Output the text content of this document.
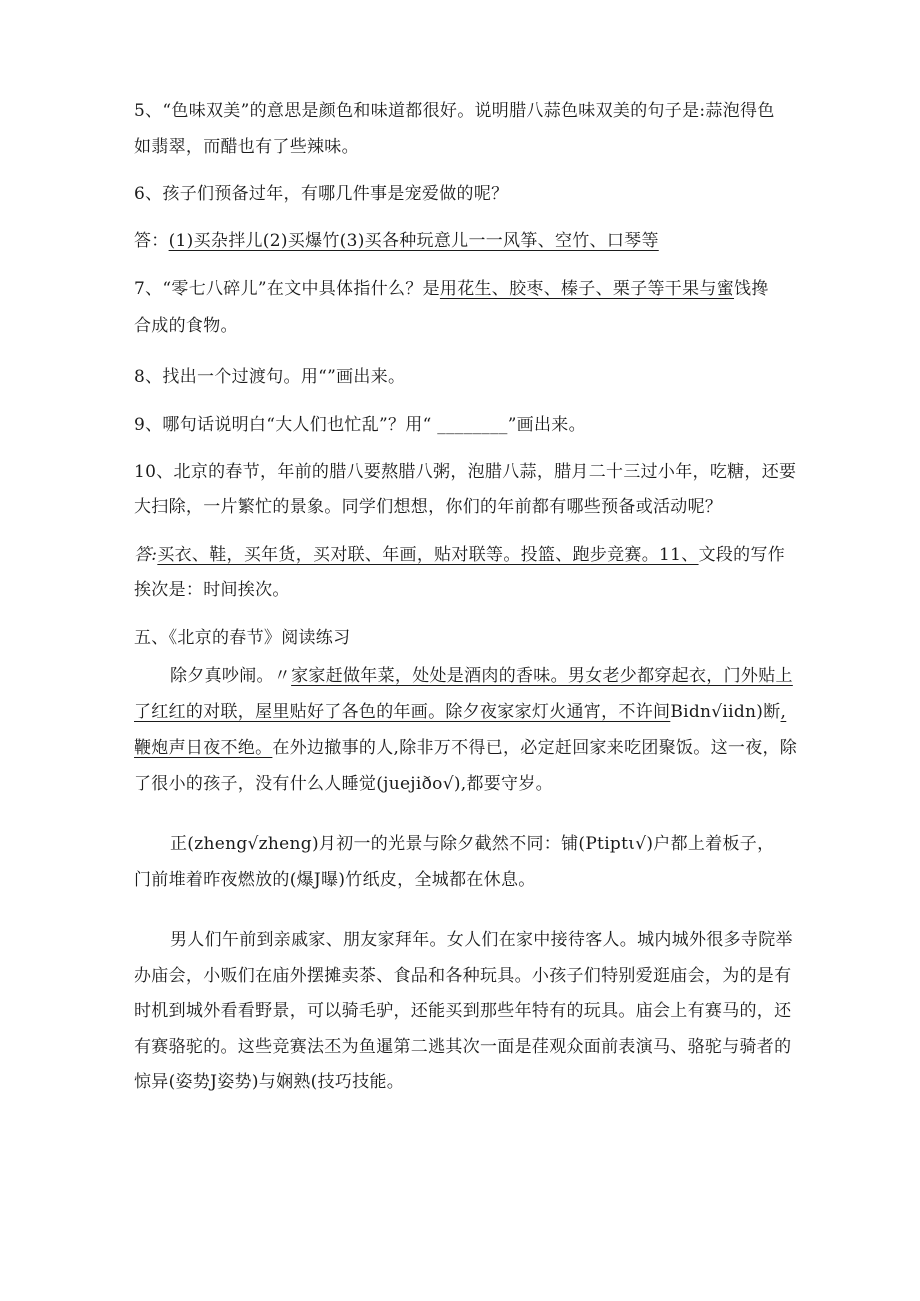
5、“色味双美”的意思是颜色和味道都很好。说明腊八蒜色味双美的句子是:蒜泡得色
如翡翠，而醋也有了些辣味。
6、孩子们预备过年，有哪几件事是宠爱做的呢？
答：(1)买杂拌儿(2)买爆竹(3)买各种玩意儿一一风筝、空竹、口琴等
7、“零七八碎儿”在文中具体指什么？是用花生、胶枣、榛子、栗子等干果与蜜饯搀
合成的食物。
8、找出一个过渡句。用“”画出来。
9、哪句话说明白“大人们也忙乱”？用“ ________”画出来。
10、北京的春节，年前的腊八要熬腊八粥，泡腊八蒜，腊月二十三过小年，吃糖，还要
大扫除，一片繁忙的景象。同学们想想，你们的年前都有哪些预备或活动呢？
答:买衣、鞋，买年货，买对联、年画，贴对联等。投篮、跑步竞赛。11、文段的写作
挨次是：时间挨次。
五、《北京的春节》阅读练习
除夕真吵闹。〃家家赶做年菜，处处是酒肉的香味。男女老少都穿起衣，门外贴上
了红红的对联，屋里贴好了各色的年画。除夕夜家家灯火通宵，不许间Bidn√iidn)断,
鞭炮声日夜不绝。在外边撤事的人,除非万不得已，必定赶回家来吃团聚饭。这一夜，除
了很小的孩子，没有什么人睡觉(juejiðo√),都要守岁。
正(zheng√zheng)月初一的光景与除夕截然不同：铺(Ptiptι√)户都上着板子，
门前堆着昨夜燃放的(爆J曝)竹纸皮，全城都在休息。
男人们午前到亲戚家、朋友家拜年。女人们在家中接待客人。城内城外很多寺院举
办庙会，小贩们在庙外摆摊卖茶、食品和各种玩具。小孩子们特别爱逛庙会，为的是有
时机到城外看看野景，可以骑毛驴，还能买到那些年特有的玩具。庙会上有赛马的，还
有赛骆驼的。这些竞赛法丕为鱼暹第二逃其次一面是荏观众面前表演马、骆驼与骑者的
惊异(姿势J姿势)与娴熟(技巧技能。
